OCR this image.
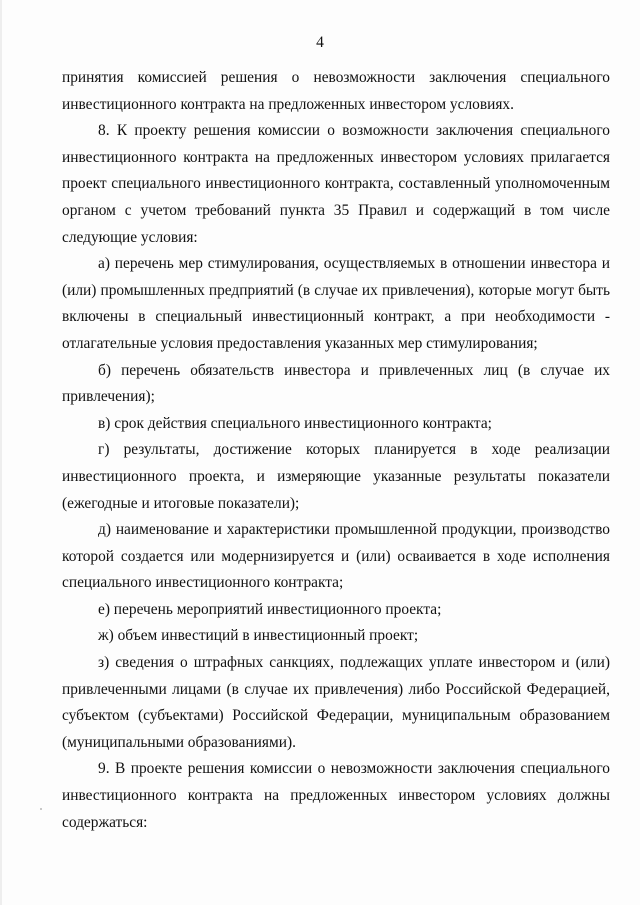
4

принятия комиссией решения о невозможности заключения специального инвестиционного контракта на предложенных инвестором условиях.

8. К проекту решения комиссии о возможности заключения специального инвестиционного контракта на предложенных инвестором условиях прилагается проект специального инвестиционного контракта, составленный уполномоченным органом с учетом требований пункта 35 Правил и содержащий в том числе следующие условия:

а) перечень мер стимулирования, осуществляемых в отношении инвестора и (или) промышленных предприятий (в случае их привлечения), которые могут быть включены в специальный инвестиционный контракт, а при необходимости - отлагательные условия предоставления указанных мер стимулирования;

б) перечень обязательств инвестора и привлеченных лиц (в случае их привлечения);

в) срок действия специального инвестиционного контракта;

г) результаты, достижение которых планируется в ходе реализации инвестиционного проекта, и измеряющие указанные результаты показатели (ежегодные и итоговые показатели);

д) наименование и характеристики промышленной продукции, производство которой создается или модернизируется и (или) осваивается в ходе исполнения специального инвестиционного контракта;

е) перечень мероприятий инвестиционного проекта;

ж) объем инвестиций в инвестиционный проект;

з) сведения о штрафных санкциях, подлежащих уплате инвестором и (или) привлеченными лицами (в случае их привлечения) либо Российской Федерацией, субъектом (субъектами) Российской Федерации, муниципальным образованием (муниципальными образованиями).

9. В проекте решения комиссии о невозможности заключения специального инвестиционного контракта на предложенных инвестором условиях должны содержаться:
